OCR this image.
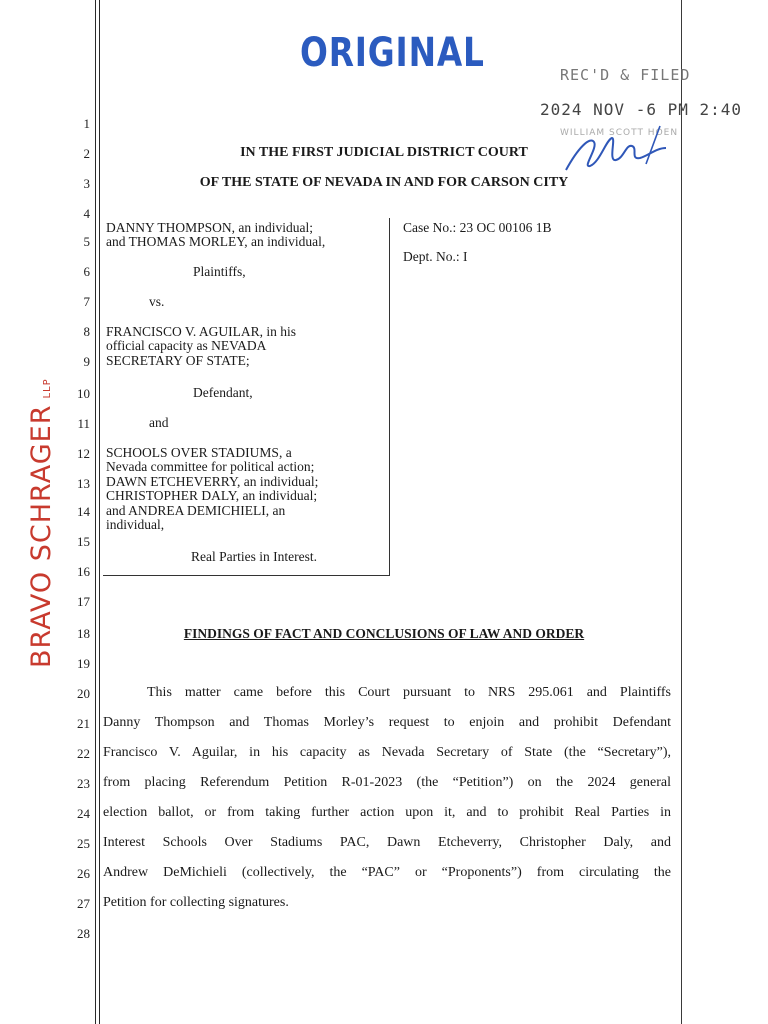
ORIGINAL	REC'D & FILED
2024 NOV -6 PM 2:40
WILLIAM SCOTT HOEN
1
2
3
4
5
6
7
8
9
10
11
12
13
14
15
16
17
18
19
20
21
22
23
24
25
26
27
28
IN THE FIRST JUDICIAL DISTRICT COURT
OF THE STATE OF NEVADA IN AND FOR CARSON CITY
DANNY THOMPSON, an individual;
and THOMAS MORLEY, an individual,
Plaintiffs,
vs.
FRANCISCO V. AGUILAR, in his
official capacity as NEVADA
SECRETARY OF STATE;
Defendant,
and
SCHOOLS OVER STADIUMS, a
Nevada committee for political action;
DAWN ETCHEVERRY, an individual;
CHRISTOPHER DALY, an individual;
and ANDREA DEMICHIELI, an
individual,
Real Parties in Interest.
Case No.: 23 OC 00106 1B
Dept. No.: I
FINDINGS OF FACT AND CONCLUSIONS OF LAW AND ORDER
This matter came before this Court pursuant to NRS 295.061 and Plaintiffs
Danny Thompson and Thomas Morley’s request to enjoin and prohibit Defendant
Francisco V. Aguilar, in his capacity as Nevada Secretary of State (the “Secretary”),
from placing Referendum Petition R-01-2023 (the “Petition”) on the 2024 general
election ballot, or from taking further action upon it, and to prohibit Real Parties in
Interest Schools Over Stadiums PAC, Dawn Etcheverry, Christopher Daly, and
Andrew DeMichieli (collectively, the “PAC” or “Proponents”) from circulating the
Petition for collecting signatures.
BRAVO SCHRAGERLLP
